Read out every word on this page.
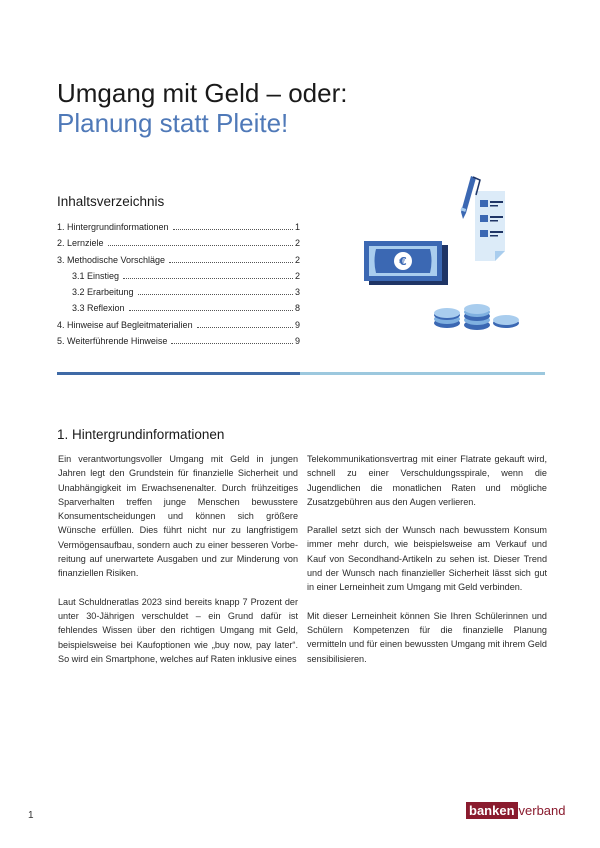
Umgang mit Geld – oder:
Planung statt Pleite!
Inhaltsverzeichnis
1. Hintergrundinformationen	1
2. Lernziele	2
3. Methodische Vorschläge	2
3.1 Einstieg	2
3.2 Erarbeitung	3
3.3 Reflexion	8
4. Hinweise auf Begleitmaterialien	9
5. Weiterführende Hinweise	9
€
1. Hintergrundinformationen

Ein verantwortungsvoller Umgang mit Geld in jungen Jahren legt den Grundstein für finanzielle Sicherheit und Unabhängigkeit im Erwachsenenalter. Durch frühzeitiges Sparverhalten treffen junge Menschen bewusstere Konsumentscheidungen und können sich größere Wünsche erfüllen. Dies führt nicht nur zu langfristigem Vermögensaufbau, sondern auch zu einer besseren Vorbereitung auf unerwartete Ausgaben und zur Minderung von finanziellen Risiken.

Laut Schuldneratlas 2023 sind bereits knapp 7 Prozent der unter 30-Jährigen verschuldet – ein Grund dafür ist fehlendes Wissen über den richtigen Umgang mit Geld, beispielsweise bei Kaufoptionen wie „buy now, pay later“. So wird ein Smartphone, welches auf Raten inklusive eines

Telekommunikationsvertrag mit einer Flatrate gekauft wird, schnell zu einer Verschuldungsspirale, wenn die Jugendlichen die monatlichen Raten und mögliche Zusatzgebühren aus den Augen verlieren.

Parallel setzt sich der Wunsch nach bewusstem Konsum immer mehr durch, wie beispielsweise am Verkauf und Kauf von Secondhand-Artikeln zu sehen ist. Dieser Trend und der Wunsch nach finanzieller Sicherheit lässt sich gut in einer Lerneinheit zum Umgang mit Geld verbinden.

Mit dieser Lerneinheit können Sie Ihren Schülerinnen und Schülern Kompetenzen für die finanzielle Planung vermitteln und für einen bewussten Umgang mit ihrem Geld sensibilisieren.

1	banken verband
